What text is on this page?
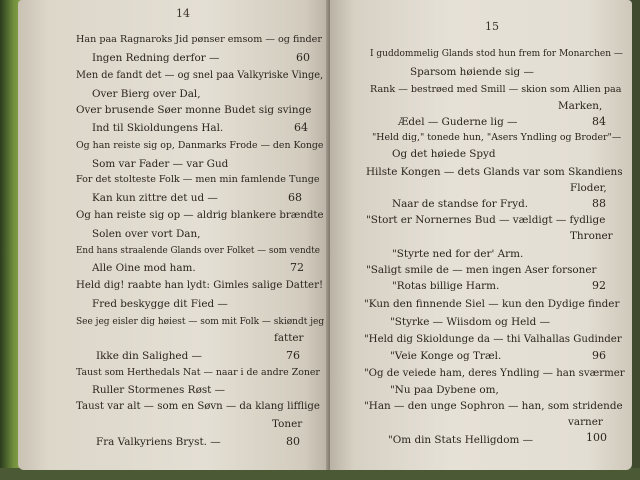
14
Han paa Ragnaroks Jid pønser emsom — og finder
Ingen Redning derfor —
Men de fandt det — og snel paa Valkyriske Vinge,
Over Bierg over Dal,
Over brusende Søer monne Budet sig svinge
Ind til Skioldungens Hal.
Og han reiste sig op, Danmarks Frode — den Konge
Som var Fader — var Gud
For det stolteste Folk — men min famlende Tunge
Kan kun zittre det ud —
Og han reiste sig op — aldrig blankere brændte
Solen over vort Dan,
End hans straalende Glands over Folket — som vendte
Alle Oine mod ham.
Held dig! raabte han lydt: Gimles salige Datter!
Fred beskygge dit Fied —
See jeg eisler dig høiest — som mit Folk — skiøndt jeg
fatter
Ikke din Salighed —
Taust som Herthedals Nat — naar i de andre Zoner
Ruller Stormenes Røst —
Taust var alt — som en Søvn — da klang lifflige
Toner
Fra Valkyriens Bryst. —
60
64
68
72
76
80
15
I guddommelig Glands stod hun frem for Monarchen —
Sparsom høiende sig —
Rank — bestrøed med Smill — skion som Allien paa
Marken,
Ædel — Guderne lig —
"Held dig," tonede hun, "Asers Yndling og Broder"—
Og det høiede Spyd
Hilste Kongen — dets Glands var som Skandiens
Floder,
Naar de standse for Fryd.
"Stort er Nornernes Bud — vældigt — fydlige
Throner
"Styrte ned for der' Arm.
"Saligt smile de — men ingen Aser forsoner
"Rotas billige Harm.
"Kun den finnende Siel — kun den Dydige finder
"Styrke — Wiisdom og Held —
"Held dig Skioldunge da — thi Valhallas Gudinder
"Veie Konge og Træl.
"Og de veiede ham, deres Yndling — han sværmer
"Nu paa Dybene om,
"Han — den unge Sophron — han, som stridende
varner
"Om din Stats Helligdom —
84
88
92
96
100
